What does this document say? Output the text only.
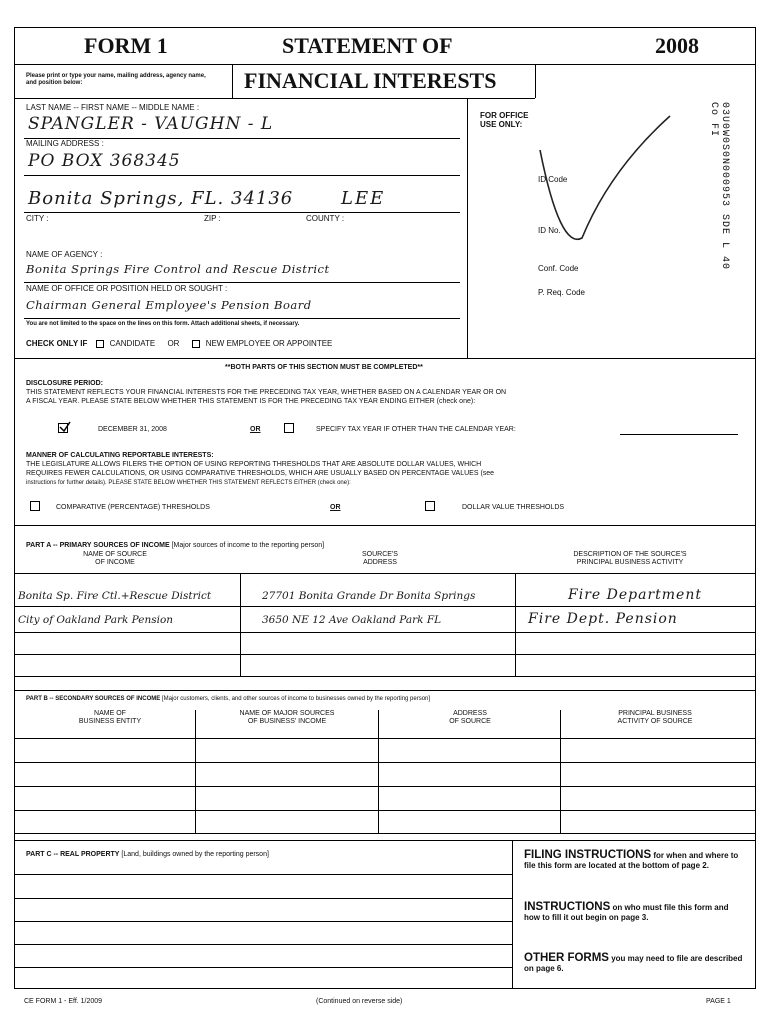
FORM 1	STATEMENT OF	2008
FINANCIAL INTERESTS
Please print or type your name, mailing address, agency name, and position below:
LAST NAME -- FIRST NAME -- MIDDLE NAME :
SPANGLER - VAUGHN - L
MAILING ADDRESS :
PO BOX 368345
Bonita Springs, FL. 34136	LEE
CITY :	ZIP :	COUNTY :
NAME OF AGENCY :
Bonita Springs Fire Control and Rescue District
NAME OF OFFICE OR POSITION HELD OR SOUGHT :
Chairman General Employee's Pension Board
You are not limited to the space on the lines on this form. Attach additional sheets, if necessary.
CHECK ONLY IF	CANDIDATE OR	NEW EMPLOYEE OR APPOINTEE
FOR OFFICE
USE ONLY:
ID Code
ID No.
Conf. Code
P. Req. Code
03U0W0S0N000953 SDE L 40 Co FI
**BOTH PARTS OF THIS SECTION MUST BE COMPLETED**
DISCLOSURE PERIOD:
THIS STATEMENT REFLECTS YOUR FINANCIAL INTERESTS FOR THE PRECEDING TAX YEAR, WHETHER BASED ON A CALENDAR YEAR OR ON
A FISCAL YEAR. PLEASE STATE BELOW WHETHER THIS STATEMENT IS FOR THE PRECEDING TAX YEAR ENDING EITHER (check one):
DECEMBER 31, 2008	OR	SPECIFY TAX YEAR IF OTHER THAN THE CALENDAR YEAR:
MANNER OF CALCULATING REPORTABLE INTERESTS:
THE LEGISLATURE ALLOWS FILERS THE OPTION OF USING REPORTING THRESHOLDS THAT ARE ABSOLUTE DOLLAR VALUES, WHICH
REQUIRES FEWER CALCULATIONS, OR USING COMPARATIVE THRESHOLDS, WHICH ARE USUALLY BASED ON PERCENTAGE VALUES (see
instructions for further details). PLEASE STATE BELOW WHETHER THIS STATEMENT REFLECTS EITHER (check one):
COMPARATIVE (PERCENTAGE) THRESHOLDS	OR	DOLLAR VALUE THRESHOLDS
PART A -- PRIMARY SOURCES OF INCOME [Major sources of income to the reporting person]
NAME OF SOURCE
OF INCOME
SOURCE'S
ADDRESS
DESCRIPTION OF THE SOURCE'S
PRINCIPAL BUSINESS ACTIVITY
Bonita Sp. Fire Ctl.+Rescue District	27701 Bonita Grande Dr Bonita Springs	Fire Department
City of Oakland Park Pension	3650 NE 12 Ave Oakland Park FL	Fire Dept. Pension
PART B -- SECONDARY SOURCES OF INCOME [Major customers, clients, and other sources of income to businesses owned by the reporting person]
NAME OF
BUSINESS ENTITY
NAME OF MAJOR SOURCES
OF BUSINESS' INCOME
ADDRESS
OF SOURCE
PRINCIPAL BUSINESS
ACTIVITY OF SOURCE
PART C -- REAL PROPERTY [Land, buildings owned by the reporting person]	FILING INSTRUCTIONS for when and where to file this form are located at the bottom of page 2.
INSTRUCTIONS on who must file this form and how to fill it out begin on page 3.
OTHER FORMS you may need to file are described on page 6.
CE FORM 1 - Eff. 1/2009	(Continued on reverse side)	PAGE 1
